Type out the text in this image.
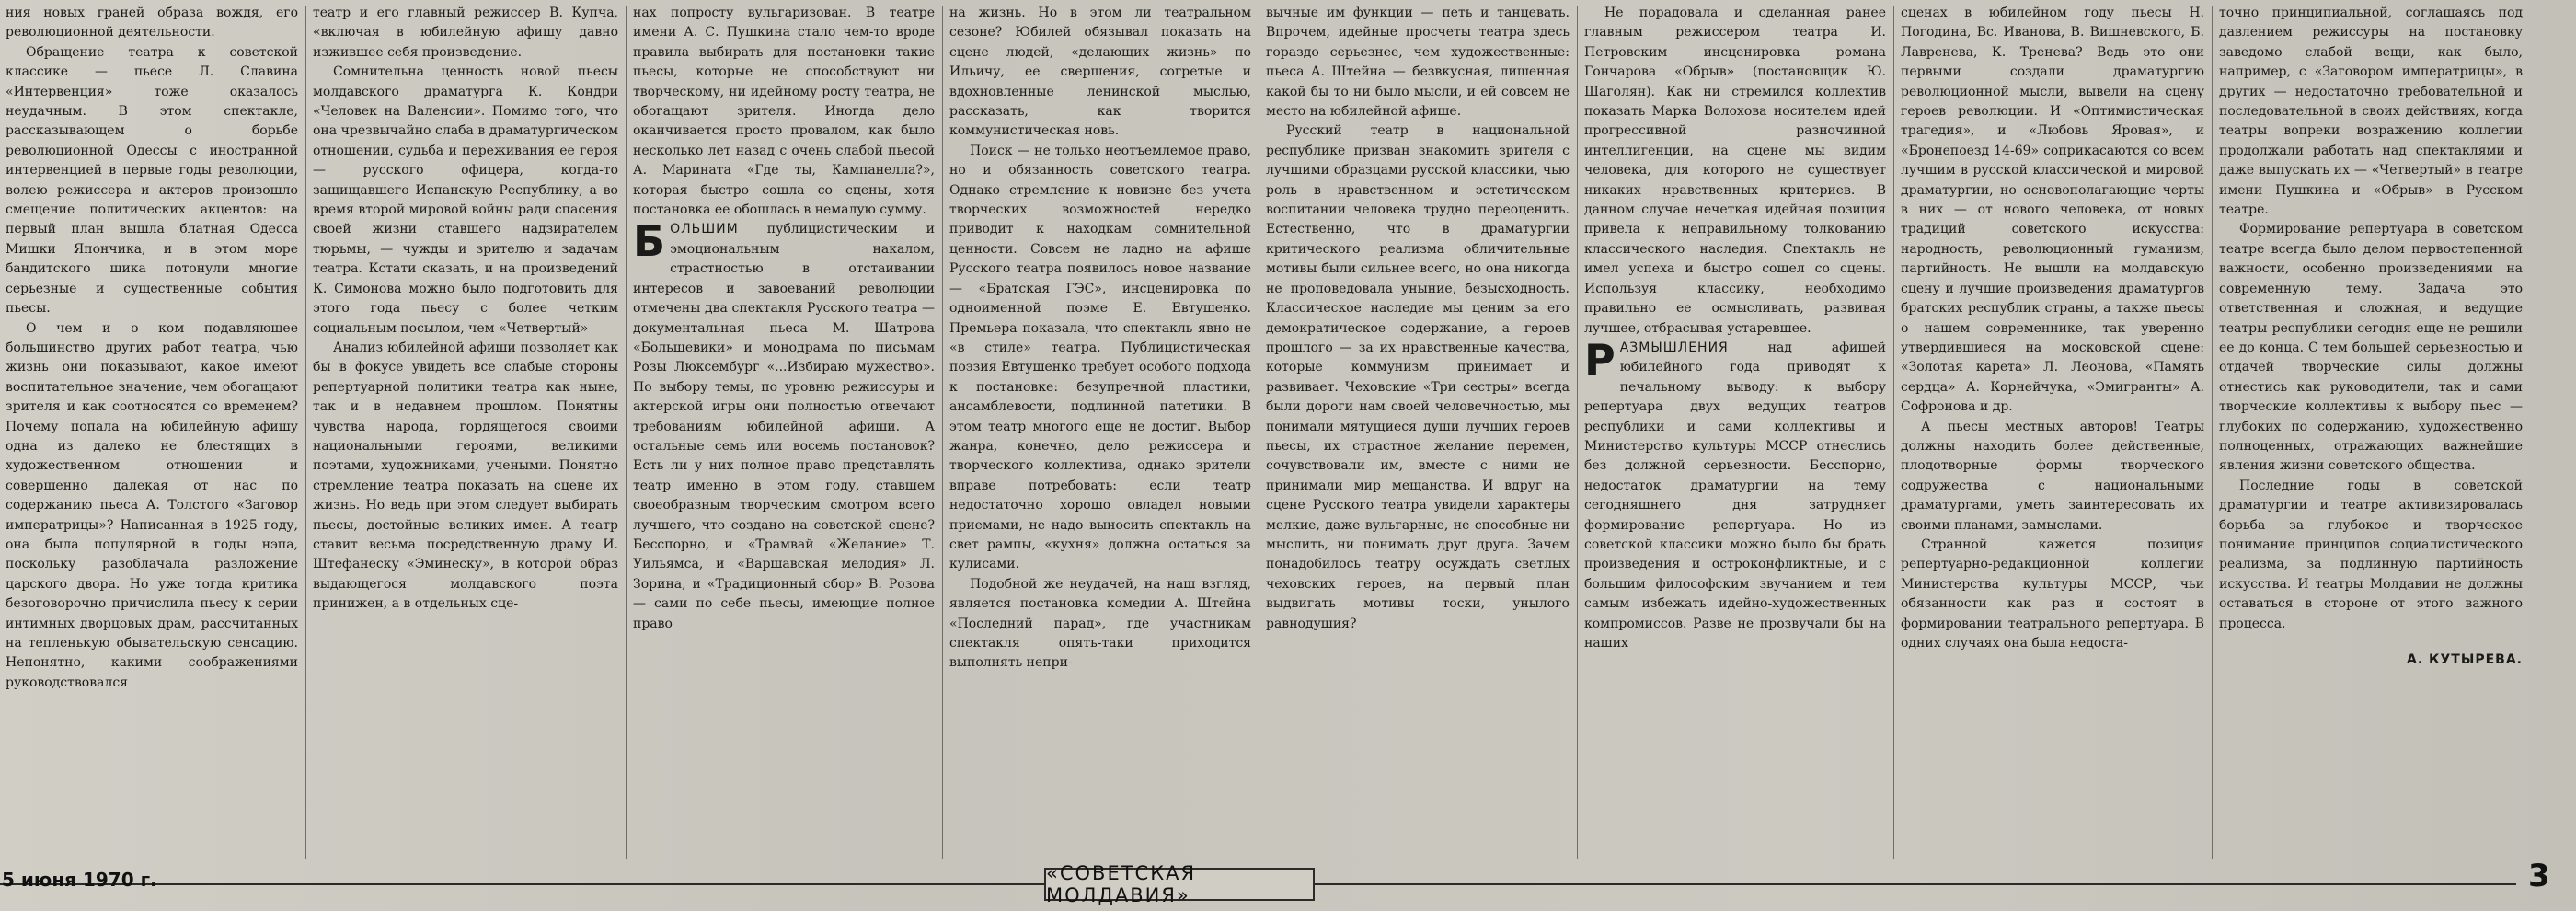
ния новых граней образа вождя, его революционной деятельности.

Обращение театра к советской классике — пьесе Л. Славина «Интервенция» тоже оказалось неудачным. В этом спектакле, рассказывающем о борьбе революционной Одессы с иностранной интервенцией в первые годы революции, волею режиссера и актеров произошло смещение политических акцентов: на первый план вышла блатная Одесса Мишки Япончика, и в этом море бандитского шика потонули многие серьезные и существенные события пьесы.

О чем и о ком подавляющее большинство других работ театра, чью жизнь они показывают, какое имеют воспитательное значение, чем обогащают зрителя и как соотносятся со временем? Почему попала на юбилейную афишу одна из далеко не блестящих в художественном отношении и совершенно далекая от нас по содержанию пьеса А. Толстого «Заговор императрицы»? Написанная в 1925 году, она была популярной в годы нэпа, поскольку разоблачала разложение царского двора. Но уже тогда критика безоговорочно причислила пьесу к серии интимных дворцовых драм, рассчитанных на тепленькую обывательскую сенсацию. Непонятно, какими соображениями руководствовался

театр и его главный режиссер В. Купча, «включая в юбилейную афишу давно изжившее себя произведение.

Сомнительна ценность новой пьесы молдавского драматурга К. Кондри «Человек на Валенсии». Помимо того, что она чрезвычайно слаба в драматургическом отношении, судьба и переживания ее героя — русского офицера, когда-то защищавшего Испанскую Республику, а во время второй мировой войны ради спасения своей жизни ставшего надзирателем тюрьмы, — чужды и зрителю и задачам театра. Кстати сказать, и на произведений К. Симонова можно было подготовить для этого года пьесу с более четким социальным посылом, чем «Четвертый»

Анализ юбилейной афиши позволяет как бы в фокусе увидеть все слабые стороны репертуарной политики театра как ныне, так и в недавнем прошлом. Понятны чувства народа, гордящегося своими национальными героями, великими поэтами, художниками, учеными. Понятно стремление театра показать на сцене их жизнь. Но ведь при этом следует выбирать пьесы, достойные великих имен. А театр ставит весьма посредственную драму И. Штефанеску «Эминеску», в которой образ выдающегося молдавского поэта принижен, а в отдельных сце-

нах попросту вульгаризован. В театре имени А. С. Пушкина стало чем-то вроде правила выбирать для постановки такие пьесы, которые не способствуют ни творческому, ни идейному росту театра, не обогащают зрителя. Иногда дело оканчивается просто провалом, как было несколько лет назад с очень слабой пьесой А. Марината «Где ты, Кампанелла?», которая быстро сошла со сцены, хотя постановка ее обошлась в немалую сумму.

БОЛЬШИМ публицистическим и эмоциональным накалом, страстностью в отстаивании интересов и завоеваний революции отмечены два спектакля Русского театра — документальная пьеса М. Шатрова «Большевики» и монодрама по письмам Розы Люксембург «...Избираю мужество». По выбору темы, по уровню режиссуры и актерской игры они полностью отвечают требованиям юбилейной афиши. А остальные семь или восемь постановок? Есть ли у них полное право представлять театр именно в этом году, ставшем своеобразным творческим смотром всего лучшего, что создано на советской сцене? Бесспорно, и «Трамвай «Желание» Т. Уильямса, и «Варшавская мелодия» Л. Зорина, и «Традиционный сбор» В. Розова — сами по себе пьесы, имеющие полное право

на жизнь. Но в этом ли театральном сезоне? Юбилей обязывал показать на сцене людей, «делающих жизнь» по Ильичу, ее свершения, согретые и вдохновленные ленинской мыслью, рассказать, как творится коммунистическая новь.

Поиск — не только неотъемлемое право, но и обязанность советского театра. Однако стремление к новизне без учета творческих возможностей нередко приводит к находкам сомнительной ценности. Совсем не ладно на афише Русского театра появилось новое название — «Братская ГЭС», инсценировка по одноименной поэме Е. Евтушенко. Премьера показала, что спектакль явно не «в стиле» театра. Публицистическая поэзия Евтушенко требует особого подхода к постановке: безупречной пластики, ансамблевости, подлинной патетики. В этом театр многого еще не достиг. Выбор жанра, конечно, дело режиссера и творческого коллектива, однако зрители вправе потребовать: если театр недостаточно хорошо овладел новыми приемами, не надо выносить спектакль на свет рампы, «кухня» должна остаться за кулисами.

Подобной же неудачей, на наш взгляд, является постановка комедии А. Штейна «Последний парад», где участникам спектакля опять-таки приходится выполнять непри-

вычные им функции — петь и танцевать. Впрочем, идейные просчеты театра здесь гораздо серьезнее, чем художественные: пьеса А. Штейна — безвкусная, лишенная какой бы то ни было мысли, и ей совсем не место на юбилейной афише.

Русский театр в национальной республике призван знакомить зрителя с лучшими образцами русской классики, чью роль в нравственном и эстетическом воспитании человека трудно переоценить. Естественно, что в драматургии критического реализма обличительные мотивы были сильнее всего, но она никогда не проповедовала уныние, безысходность. Классическое наследие мы ценим за его демократическое содержание, а героев прошлого — за их нравственные качества, которые коммунизм принимает и развивает. Чеховские «Три сестры» всегда были дороги нам своей человечностью, мы понимали мятущиеся души лучших героев пьесы, их страстное желание перемен, сочувствовали им, вместе с ними не принимали мир мещанства. И вдруг на сцене Русского театра увидели характеры мелкие, даже вульгарные, не способные ни мыслить, ни понимать друг друга. Зачем понадобилось театру осуждать светлых чеховских героев, на первый план выдвигать мотивы тоски, унылого равнодушия?

Не порадовала и сделанная ранее главным режиссером театра И. Петровским инсценировка романа Гончарова «Обрыв» (постановщик Ю. Шаголян). Как ни стремился коллектив показать Марка Волохова носителем идей прогрессивной разночинной интеллигенции, на сцене мы видим человека, для которого не существует никаких нравственных критериев. В данном случае нечеткая идейная позиция привела к неправильному толкованию классического наследия. Спектакль не имел успеха и быстро сошел со сцены. Используя классику, необходимо правильно ее осмысливать, развивая лучшее, отбрасывая устаревшее.

РАЗМЫШЛЕНИЯ над афишей юбилейного года приводят к печальному выводу: к выбору репертуара двух ведущих театров республики и сами коллективы и Министерство культуры МССР отнеслись без должной серьезности. Бесспорно, недостаток драматургии на тему сегодняшнего дня затрудняет формирование репертуара. Но из советской классики можно было бы брать произведения и остроконфликтные, и с большим философским звучанием и тем самым избежать идейно-художественных компромиссов. Разве не прозвучали бы на наших

сценах в юбилейном году пьесы Н. Погодина, Вс. Иванова, В. Вишневского, Б. Лавренева, К. Тренева? Ведь это они первыми создали драматургию революционной мысли, вывели на сцену героев революции. И «Оптимистическая трагедия», и «Любовь Яровая», и «Бронепоезд 14-69» соприкасаются со всем лучшим в русской классической и мировой драматургии, но основополагающие черты в них — от нового человека, от новых традиций советского искусства: народность, революционный гуманизм, партийность. Не вышли на молдавскую сцену и лучшие произведения драматургов братских республик страны, а также пьесы о нашем современнике, так уверенно утвердившиеся на московской сцене: «Золотая карета» Л. Леонова, «Память сердца» А. Корнейчука, «Эмигранты» А. Софронова и др.

А пьесы местных авторов! Театры должны находить более действенные, плодотворные формы творческого содружества с национальными драматургами, уметь заинтересовать их своими планами, замыслами.

Странной кажется позиция репертуарно-редакционной коллегии Министерства культуры МССР, чьи обязанности как раз и состоят в формировании театрального репертуара. В одних случаях она была недоста-

точно принципиальной, соглашаясь под давлением режиссуры на постановку заведомо слабой вещи, как было, например, с «Заговором императрицы», в других — недостаточно требовательной и последовательной в своих действиях, когда театры вопреки возражению коллегии продолжали работать над спектаклями и даже выпускать их — «Четвертый» в театре имени Пушкина и «Обрыв» в Русском театре.

Формирование репертуара в советском театре всегда было делом первостепенной важности, особенно произведениями на современную тему. Задача это ответственная и сложная, и ведущие театры республики сегодня еще не решили ее до конца. С тем большей серьезностью и отдачей творческие силы должны отнестись как руководители, так и сами творческие коллективы к выбору пьес — глубоких по содержанию, художественно полноценных, отражающих важнейшие явления жизни советского общества.

Последние годы в советской драматургии и театре активизировалась борьба за глубокое и творческое понимание принципов социалистического реализма, за подлинную партийность искусства. И театры Молдавии не должны оставаться в стороне от этого важного процесса.

А. КУТЫРЕВА.
5 июня 1970 г.	«СОВЕТСКАЯ МОЛДАВИЯ»
3
